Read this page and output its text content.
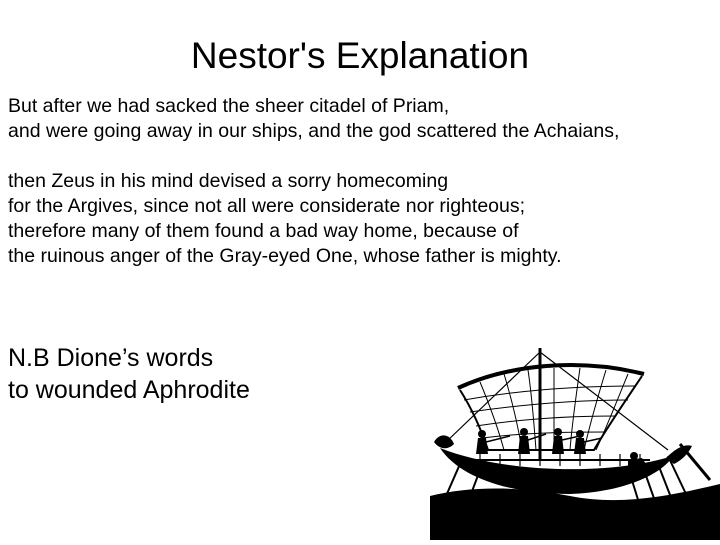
Nestor's Explanation
But after we had sacked the sheer citadel of Priam,
and were going away in our ships, and the god scattered the Achaians,
then Zeus in his mind devised a sorry homecoming
for the Argives, since not all were considerate nor righteous;
therefore many of them found a bad way home, because of
the ruinous anger of the Gray-eyed One, whose father is mighty.
N.B Dione’s words
to wounded Aphrodite
